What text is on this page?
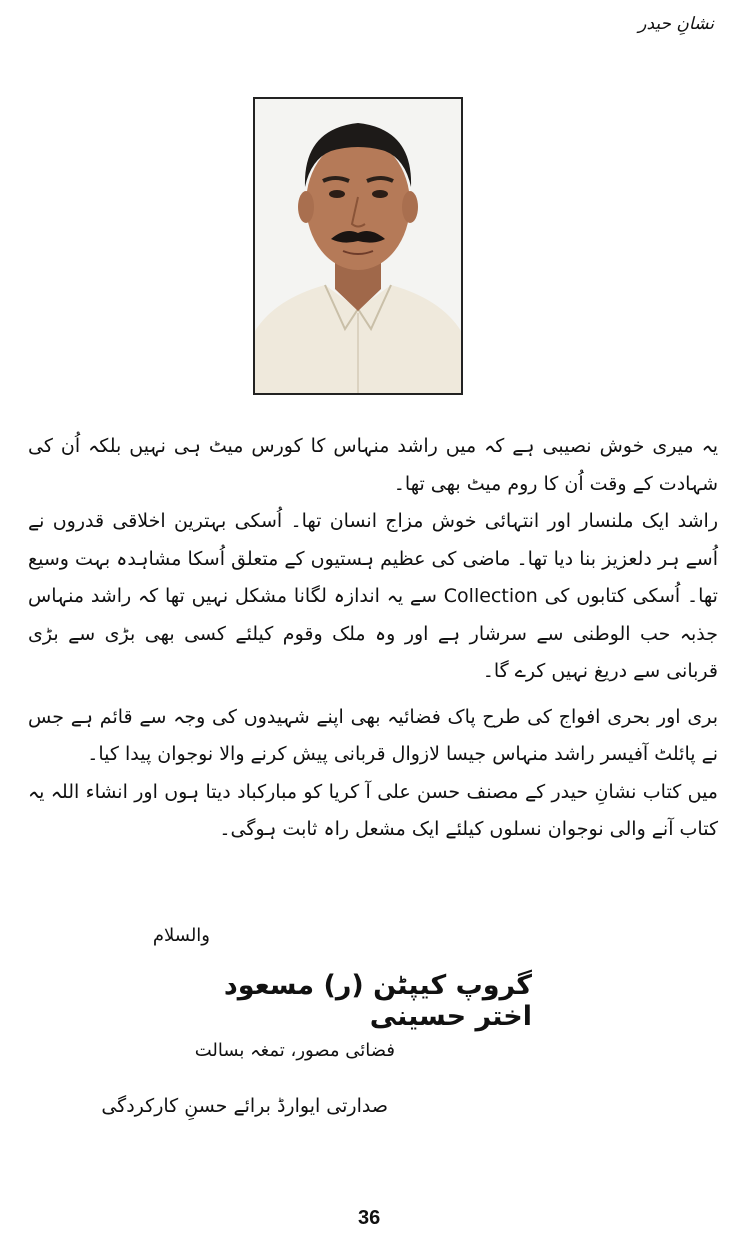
نشانِ حیدر

یہ میری خوش نصیبی ہے کہ میں راشد منہاس کا کورس میٹ ہی نہیں بلکہ اُن کی شہادت کے وقت اُن کا روم میٹ بھی تھا۔

راشد ایک ملنسار اور انتہائی خوش مزاج انسان تھا۔ اُسکی بہترین اخلاقی قدروں نے اُسے ہر دلعزیز بنا دیا تھا۔ ماضی کی عظیم ہستیوں کے متعلق اُسکا مشاہدہ بہت وسیع تھا۔ اُسکی کتابوں کی Collection سے یہ اندازہ لگانا مشکل نہیں تھا کہ راشد منہاس جذبہ حب الوطنی سے سرشار ہے اور وہ ملک وقوم کیلئے کسی بھی بڑی سے بڑی قربانی سے دریغ نہیں کرے گا۔

بری اور بحری افواج کی طرح پاک فضائیہ بھی اپنے شہیدوں کی وجہ سے قائم ہے جس نے پائلٹ آفیسر راشد منہاس جیسا لازوال قربانی پیش کرنے والا نوجوان پیدا کیا۔

میں کتاب نشانِ حیدر کے مصنف حسن علی آ کریا کو مبارکباد دیتا ہوں اور انشاء اللہ یہ کتاب آنے والی نوجوان نسلوں کیلئے ایک مشعل راہ ثابت ہوگی۔

والسلام
گروپ کیپٹن (ر) مسعود اختر حسینی
فضائی مصور، تمغہ بسالت
صدارتی ایوارڈ برائے حسنِ کارکردگی
36
